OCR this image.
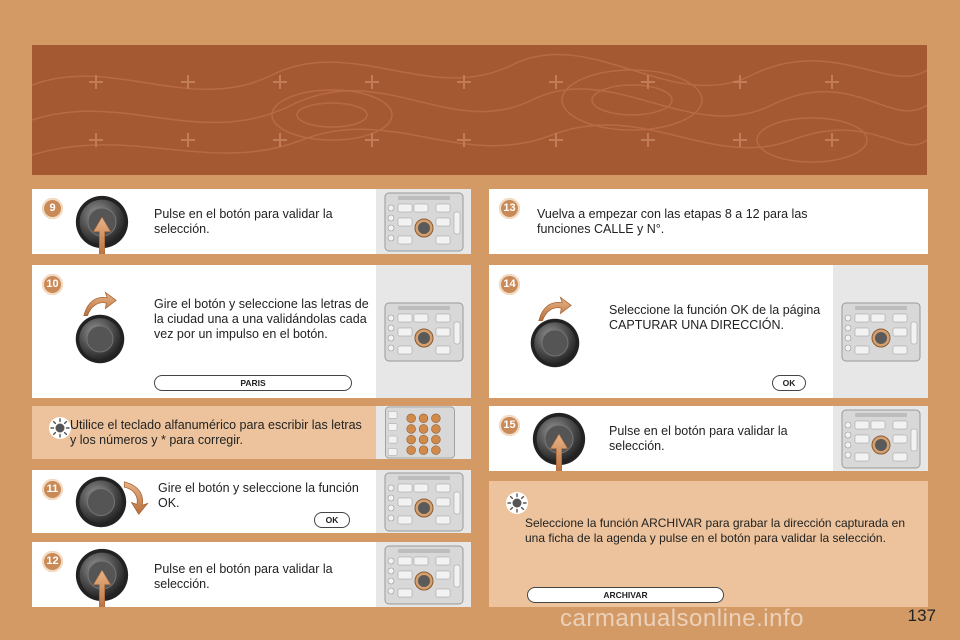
9	Pulse en el botón para validar la selección.
10
Gire el botón y seleccione las letras de la ciudad una a una validándolas cada vez por un impulso en el botón.
PARIS
Utilice el teclado alfanumérico para escribir las letras y los números y * para corregir.
11	Gire el botón y seleccione la función OK.
OK
12
Pulse en el botón para validar la selección.
13	Vuelva a empezar con las etapas 8 a 12 para las funciones CALLE y N°.
14
Seleccione la función OK de la página CAPTURAR UNA DIRECCIÓN.
OK
15	Pulse en el botón para validar la selección.
Seleccione la función ARCHIVAR para grabar la dirección capturada en una ficha de la agenda y pulse en el botón para validar la selección.
ARCHIVAR
carmanualsonline.info	137
